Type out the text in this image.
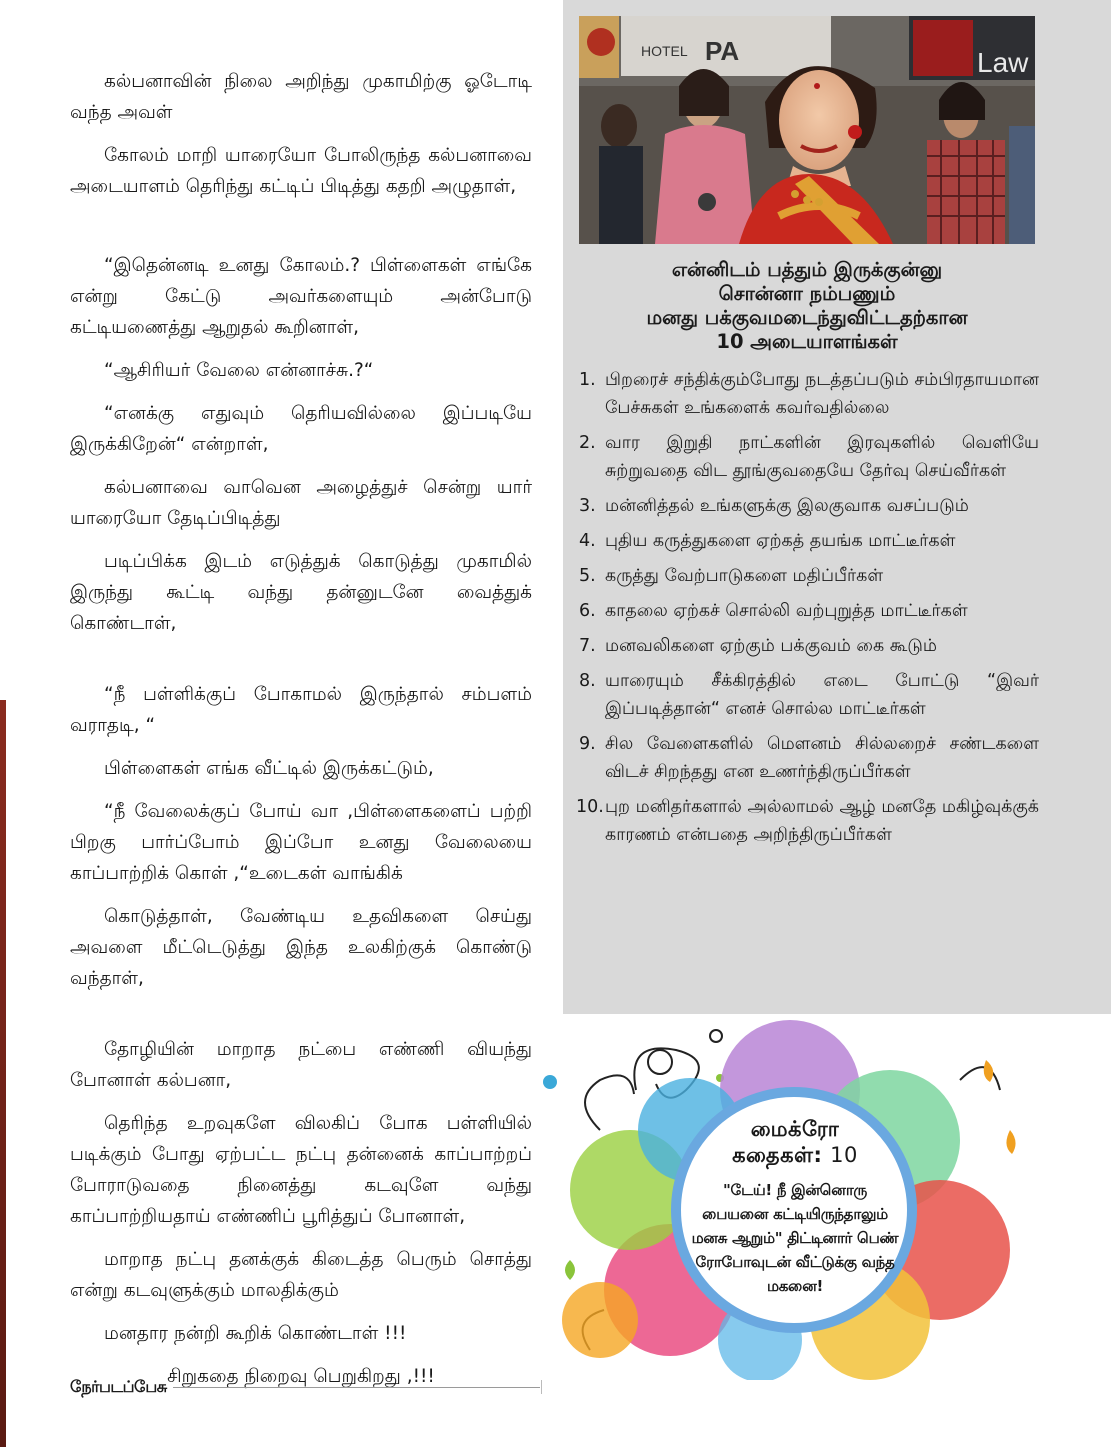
கல்பனாவின் நிலை அறிந்து முகாமிற்கு ஓடோடி வந்த அவள்

கோலம் மாறி யாரையோ போலிருந்த கல்பனாவை அடையாளம் தெரிந்து கட்டிப் பிடித்து கதறி அழுதாள்,

“இதென்னடி உனது கோலம்.? பிள்ளைகள் எங்கே என்று கேட்டு அவர்களையும் அன்போடு கட்டியணைத்து ஆறுதல் கூறினாள்,

“ஆசிரியர் வேலை என்னாச்சு.?“

“எனக்கு எதுவும் தெரியவில்லை இப்படியே இருக்கிறேன்“ என்றாள்,

கல்பனாவை வாவென அழைத்துச் சென்று யார் யாரையோ தேடிப்பிடித்து

படிப்பிக்க இடம் எடுத்துக் கொடுத்து முகாமில் இருந்து கூட்டி வந்து தன்னுடனே வைத்துக் கொண்டாள்,

“நீ பள்ளிக்குப் போகாமல் இருந்தால் சம்பளம் வராதடி, “

பிள்ளைகள் எங்க வீட்டில் இருக்கட்டும்,

“நீ வேலைக்குப் போய் வா ,பிள்ளைகளைப் பற்றி பிறகு பார்ப்போம் இப்போ உனது வேலையை காப்பாற்றிக் கொள் ,“உடைகள் வாங்கிக்

கொடுத்தாள், வேண்டிய உதவிகளை செய்து அவளை மீட்டெடுத்து இந்த உலகிற்குக் கொண்டு வந்தாள்,

தோழியின் மாறாத நட்பை எண்ணி வியந்து போனாள் கல்பனா,

தெரிந்த உறவுகளே விலகிப் போக பள்ளியில் படிக்கும் போது ஏற்பட்ட நட்பு தன்னைக் காப்பாற்றப் போராடுவதை நினைத்து கடவுளே வந்து காப்பாற்றியதாய் எண்ணிப் பூரித்துப் போனாள்,

மாறாத நட்பு தனக்குக் கிடைத்த பெரும் சொத்து என்று கடவுளுக்கும் மாலதிக்கும்

மனதார நன்றி கூறிக் கொண்டாள் !!!

சிறுகதை நிறைவு பெறுகிறது ,!!!

நேர்படப்பேசு
HOTEL PA	Law
என்னிடம் பத்தும் இருக்குன்னு
சொன்னா நம்பணும்
மனது பக்குவமடைந்துவிட்டதற்கான
10 அடையாளங்கள்
1. பிறரைச் சந்திக்கும்போது நடத்தப்படும் சம்பிரதாயமான பேச்சுகள் உங்களைக் கவர்வதில்லை
2. வார இறுதி நாட்களின் இரவுகளில் வெளியே சுற்றுவதை விட தூங்குவதையே தேர்வு செய்வீர்கள்
3. மன்னித்தல் உங்களுக்கு இலகுவாக வசப்படும்
4. புதிய கருத்துகளை ஏற்கத் தயங்க மாட்டீர்கள்
5. கருத்து வேற்பாடுகளை மதிப்பீர்கள்
6. காதலை ஏற்கச் சொல்லி வற்புறுத்த மாட்டீர்கள்
7. மனவலிகளை ஏற்கும் பக்குவம் கை கூடும்
8. யாரையும் சீக்கிரத்தில் எடை போட்டு “இவர் இப்படித்தான்“ எனச் சொல்ல மாட்டீர்கள்
9. சில வேளைகளில் மௌனம் சில்லறைச் சண்டகளை விடச் சிறந்தது என உணர்ந்திருப்பீர்கள்
10. புற மனிதர்களால் அல்லாமல் ஆழ் மனதே மகிழ்வுக்குக் காரணம் என்பதை அறிந்திருப்பீர்கள்
மைக்ரோ
கதைகள்: 10
"டேய்! நீ இன்னொரு பையனை கட்டியிருந்தாலும் மனசு ஆறும்" திட்டினார் பெண் ரோபோவுடன் வீட்டுக்கு வந்த மகனை!
